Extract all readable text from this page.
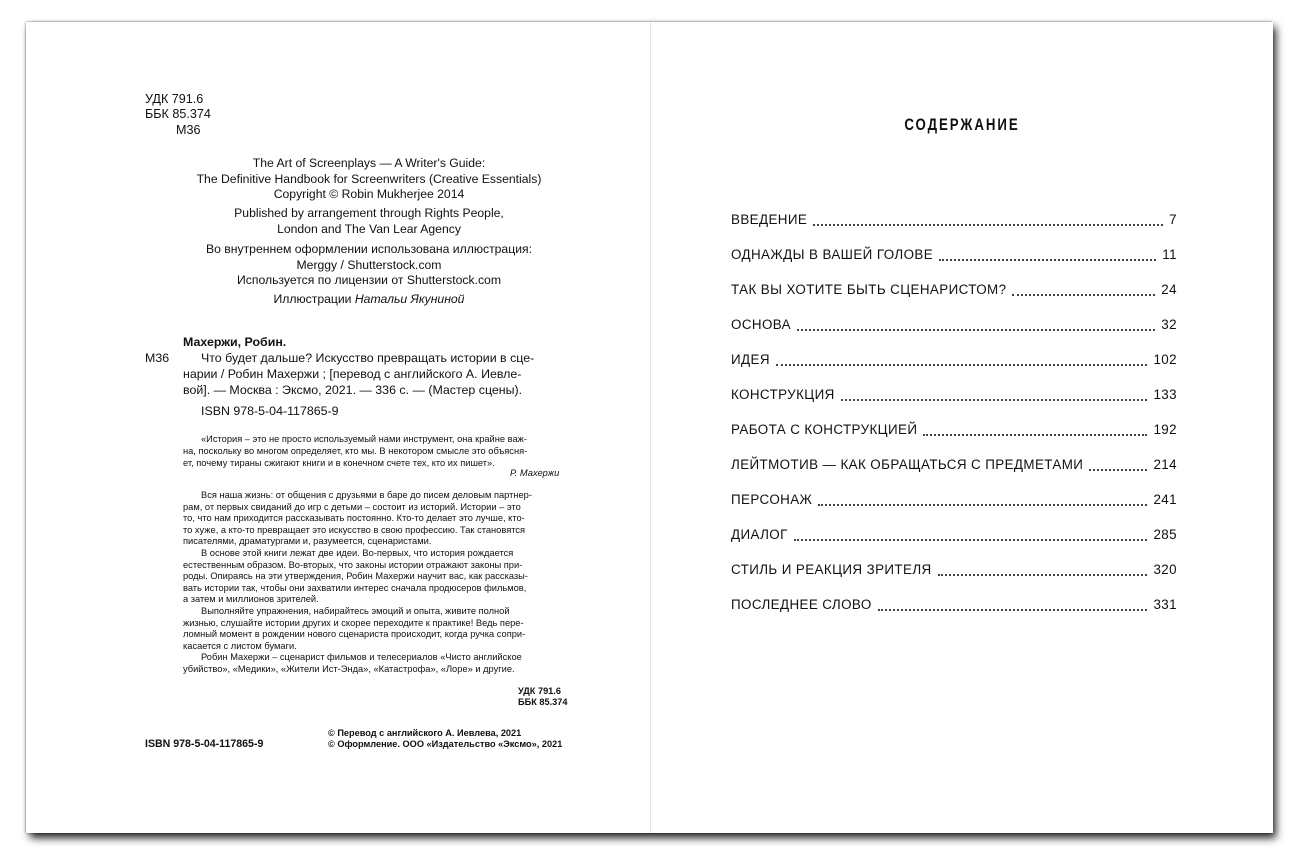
УДК 791.6
ББК 85.374
М36
The Art of Screenplays — A Writer's Guide:
The Definitive Handbook for Screenwriters (Creative Essentials)
Copyright © Robin Mukherjee 2014
Published by arrangement through Rights People,
London and The Van Lear Agency
Во внутреннем оформлении использована иллюстрация:
Merggy / Shutterstock.com
Используется по лицензии от Shutterstock.com
Иллюстрации Натальи Якуниной
Махержи, Робин.
М36	Что будет дальше? Искусство превращать истории в сце-
нарии / Робин Махержи ; [перевод с английского А. Иевле-
вой]. — Москва : Эксмо, 2021. — 336 с. — (Мастер сцены).
ISBN 978-5-04-117865-9
«История – это не просто используемый нами инструмент, она крайне важ-
на, поскольку во многом определяет, кто мы. В некотором смысле это объясня-
ет, почему тираны сжигают книги и в конечном счете тех, кто их пишет».
Р. Махержи

Вся наша жизнь: от общения с друзьями в баре до писем деловым партнер-

рам, от первых свиданий до игр с детьми – состоит из историй. Истории – это

то, что нам приходится рассказывать постоянно. Кто-то делает это лучше, кто-

то хуже, а кто-то превращает это искусство в свою профессию. Так становятся

писателями, драматургами и, разумеется, сценаристами.

В основе этой книги лежат две идеи. Во-первых, что история рождается

естественным образом. Во-вторых, что законы истории отражают законы при-

роды. Опираясь на эти утверждения, Робин Махержи научит вас, как рассказы-

вать истории так, чтобы они захватили интерес сначала продюсеров фильмов,

а затем и миллионов зрителей.

Выполняйте упражнения, набирайтесь эмоций и опыта, живите полной

жизнью, слушайте истории других и скорее переходите к практике! Ведь пере-

ломный момент в рождении нового сценариста происходит, когда ручка сопри-

касается с листом бумаги.

Робин Махержи – сценарист фильмов и телесериалов «Чисто английское

убийство», «Медики», «Жители Ист-Энда», «Катастрофа», «Лоре» и другие.

УДК 791.6
ББК 85.374
ISBN 978-5-04-117865-9
© Перевод с английского А. Иевлева, 2021
© Оформление. ООО «Издательство «Эксмо», 2021
СОДЕРЖАНИЕ
ВВЕДЕНИЕ	7
ОДНАЖДЫ В ВАШЕЙ ГОЛОВЕ	11
ТАК ВЫ ХОТИТЕ БЫТЬ СЦЕНАРИСТОМ?	24
ОСНОВА	32
ИДЕЯ	102
КОНСТРУКЦИЯ	133
РАБОТА С КОНСТРУКЦИЕЙ	192
ЛЕЙТМОТИВ — КАК ОБРАЩАТЬСЯ С ПРЕДМЕТАМИ	214
ПЕРСОНАЖ	241
ДИАЛОГ	285
СТИЛЬ И РЕАКЦИЯ ЗРИТЕЛЯ	320
ПОСЛЕДНЕЕ СЛОВО	331
